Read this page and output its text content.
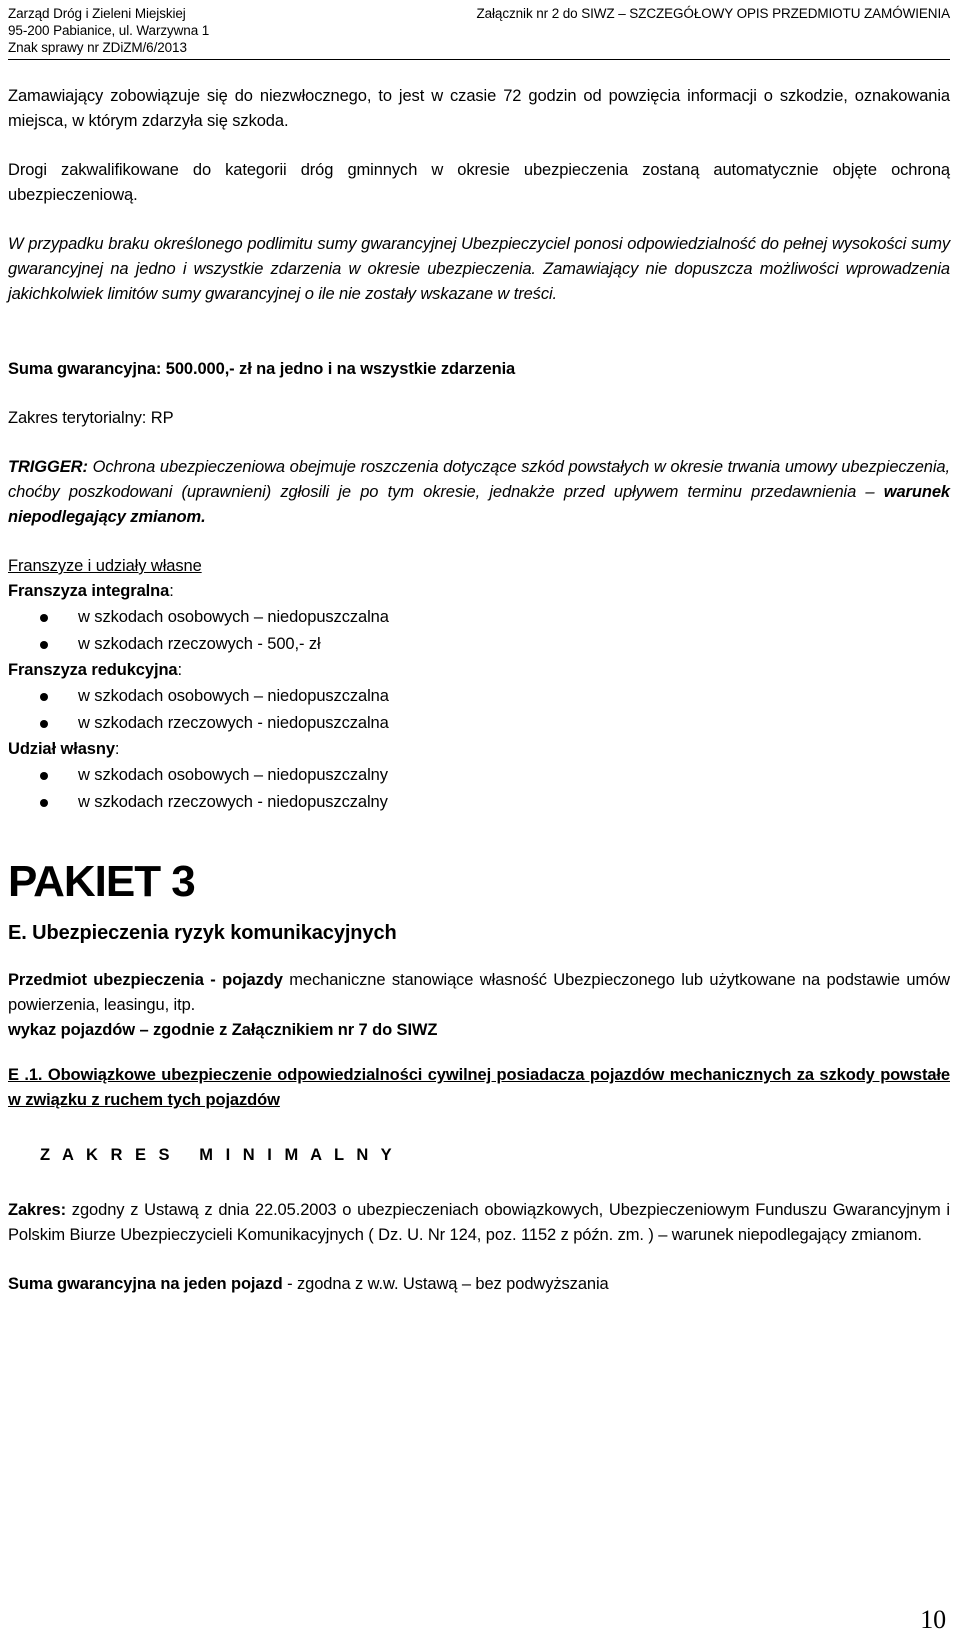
Zarząd Dróg i Zieleni Miejskiej
95-200 Pabianice, ul. Warzywna 1
Znak sprawy nr ZDiZM/6/2013
Załącznik nr 2 do SIWZ – SZCZEGÓŁOWY OPIS PRZEDMIOTU ZAMÓWIENIA

Zamawiający zobowiązuje się do niezwłocznego, to jest w czasie 72 godzin od powzięcia informacji o szkodzie, oznakowania miejsca, w którym zdarzyła się szkoda.

Drogi zakwalifikowane do kategorii dróg gminnych w okresie ubezpieczenia zostaną automatycznie objęte ochroną ubezpieczeniową.

W przypadku braku określonego podlimitu sumy gwarancyjnej Ubezpieczyciel ponosi odpowiedzialność do pełnej wysokości sumy gwarancyjnej na jedno i wszystkie zdarzenia w okresie ubezpieczenia. Zamawiający nie dopuszcza możliwości wprowadzenia jakichkolwiek limitów sumy gwarancyjnej o ile nie zostały wskazane w treści.

Suma gwarancyjna: 500.000,- zł na jedno i na wszystkie zdarzenia

Zakres terytorialny: RP

TRIGGER: Ochrona ubezpieczeniowa obejmuje roszczenia dotyczące szkód powstałych w okresie trwania umowy ubezpieczenia, choćby poszkodowani (uprawnieni) zgłosili je po tym okresie, jednakże przed upływem terminu przedawnienia – warunek niepodlegający zmianom.

Franszyze i udziały własne
Franszyza integralna:
w szkodach osobowych – niedopuszczalna
w szkodach rzeczowych - 500,- zł
Franszyza redukcyjna:
w szkodach osobowych – niedopuszczalna
w szkodach rzeczowych - niedopuszczalna
Udział własny:
w szkodach osobowych – niedopuszczalny
w szkodach rzeczowych - niedopuszczalny
PAKIET 3
E. Ubezpieczenia ryzyk komunikacyjnych

Przedmiot ubezpieczenia - pojazdy mechaniczne stanowiące własność Ubezpieczonego lub użytkowane na podstawie umów powierzenia, leasingu, itp.

wykaz pojazdów – zgodnie z Załącznikiem nr 7 do SIWZ

E .1. Obowiązkowe ubezpieczenie odpowiedzialności cywilnej posiadacza pojazdów mechanicznych za szkody powstałe w związku z ruchem tych pojazdów

Z A K R E S   M I N I M A L N Y

Zakres: zgodny z Ustawą z dnia 22.05.2003 o ubezpieczeniach obowiązkowych, Ubezpieczeniowym Funduszu Gwarancyjnym i Polskim Biurze Ubezpieczycieli Komunikacyjnych ( Dz. U. Nr 124, poz. 1152 z późn. zm. ) – warunek niepodlegający zmianom.

Suma gwarancyjna na jeden pojazd - zgodna z w.w. Ustawą – bez podwyższania

10
